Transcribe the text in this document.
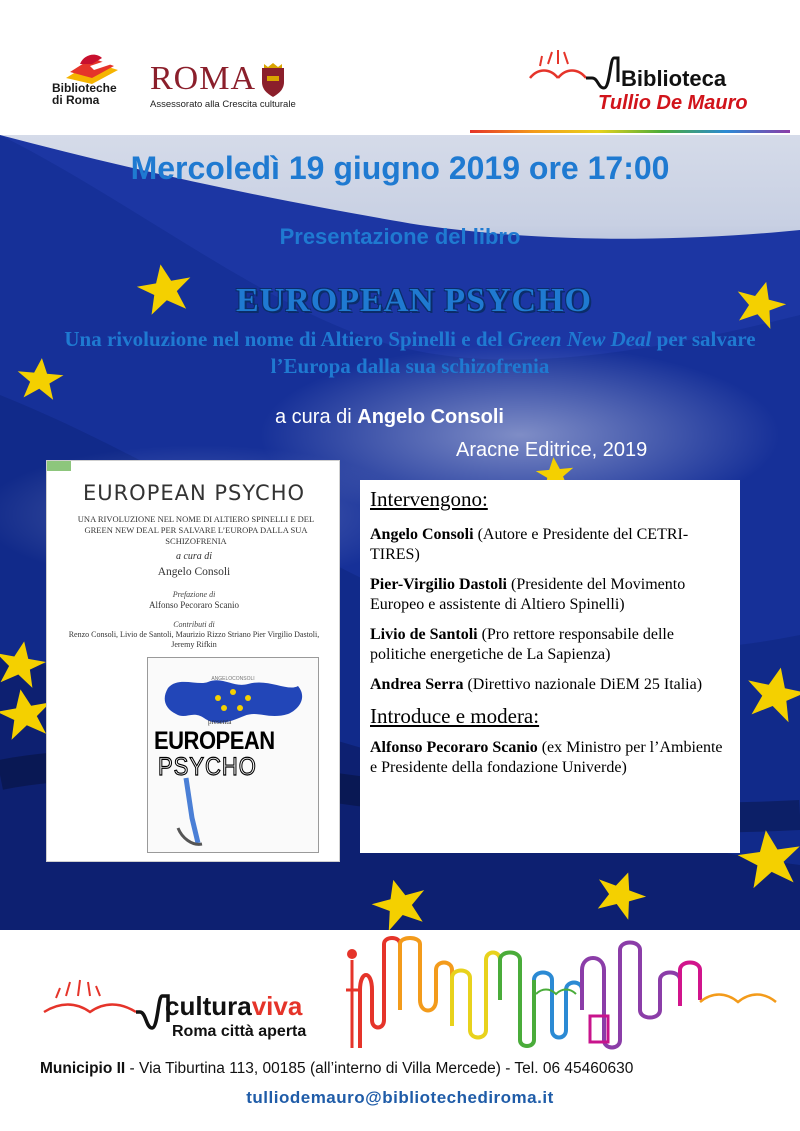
Biblioteche
di Roma
ROMA
Assessorato alla Crescita culturale
Biblioteca
Tullio De Mauro
Mercoledì 19 giugno 2019 ore 17:00
Presentazione del libro
EUROPEAN PSYCHO
Una rivoluzione nel nome di Altiero Spinelli e del Green New Deal per salvare l’Europa dalla sua schizofrenia
a cura di Angelo Consoli
Aracne Editrice, 2019
EUROPEAN PSYCHO
UNA RIVOLUZIONE NEL NOME DI ALTIERO SPINELLI E DEL GREEN NEW DEAL PER SALVARE L’EUROPA DALLA SUA SCHIZOFRENIA
a cura di
Angelo Consoli
Prefazione di
Alfonso Pecoraro Scanio
Contributi di
Renzo Consoli, Livio de Santoli, Maurizio Rizzo Striano Pier Virgilio Dastoli, Jeremy Rifkin
ANGELOCONSOLI
presenta
EUROPEAN
PSYCHO
Intervengono:
Angelo Consoli (Autore e Presidente del CETRI-TIRES)
Pier-Virgilio Dastoli (Presidente del Movimento Europeo e assistente di Altiero Spinelli)
Livio de Santoli (Pro rettore responsabile delle politiche energetiche de La Sapienza)
Andrea Serra (Direttivo nazionale DiEM 25 Italia)
Introduce e modera:
Alfonso Pecoraro Scanio (ex Ministro per l’Ambiente e Presidente della fondazione Univerde)
culturaviva
Roma città aperta
Municipio II - Via Tiburtina 113, 00185 (all’interno di Villa Mercede) - Tel. 06 45460630
tulliodemauro@bibliotechediroma.it
